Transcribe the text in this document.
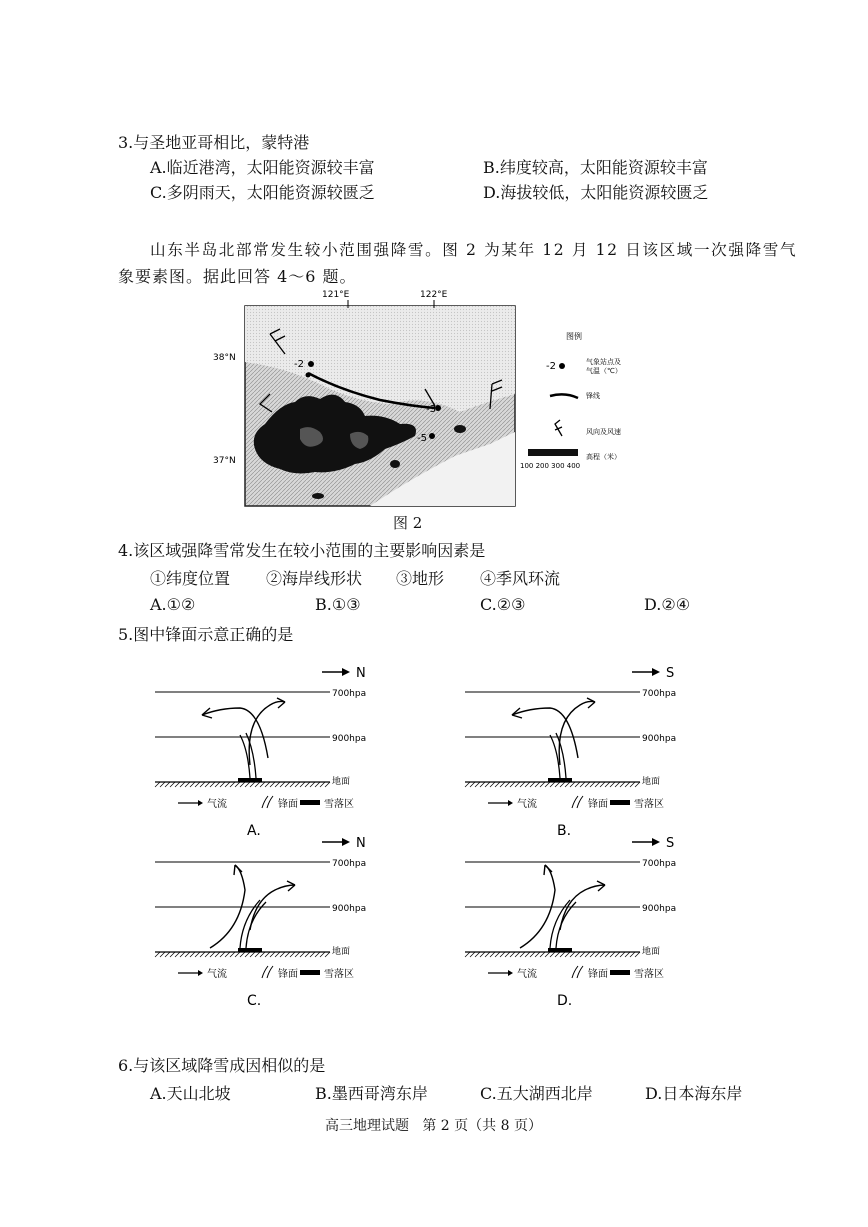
3.与圣地亚哥相比，蒙特港
A.临近港湾，太阳能资源较丰富	B.纬度较高，太阳能资源较丰富
C.多阴雨天，太阳能资源较匮乏	D.海拔较低，太阳能资源较匮乏
山东半岛北部常发生较小范围强降雪。图 2 为某年 12 月 12 日该区域一次强降雪气
象要素图。据此回答 4～6 题。
-2
-3
-5
121°E	122°E
38°N
37°N
图例
-2	气象站点及
气温（℃）
锋线
风向及风速
100 200 300 400
高程（米）
图 2
4.该区域强降雪常发生在较小范围的主要影响因素是
①纬度位置 ②海岸线形状 ③地形 ④季风环流
A.①②	B.①③	C.②③	D.②④
5.图中锋面示意正确的是
N
700hpa
900hpa
地面
气流	锋面	雪落区
A.
S
700hpa
900hpa
地面
气流	锋面	雪落区
B.
N
700hpa
900hpa
地面
气流	锋面	雪落区
C.
S
700hpa
900hpa
地面
气流	锋面	雪落区
D.
6.与该区域降雪成因相似的是
A.天山北坡	B.墨西哥湾东岸	C.五大湖西北岸	D.日本海东岸
高三地理试题   第 2 页（共 8 页）
